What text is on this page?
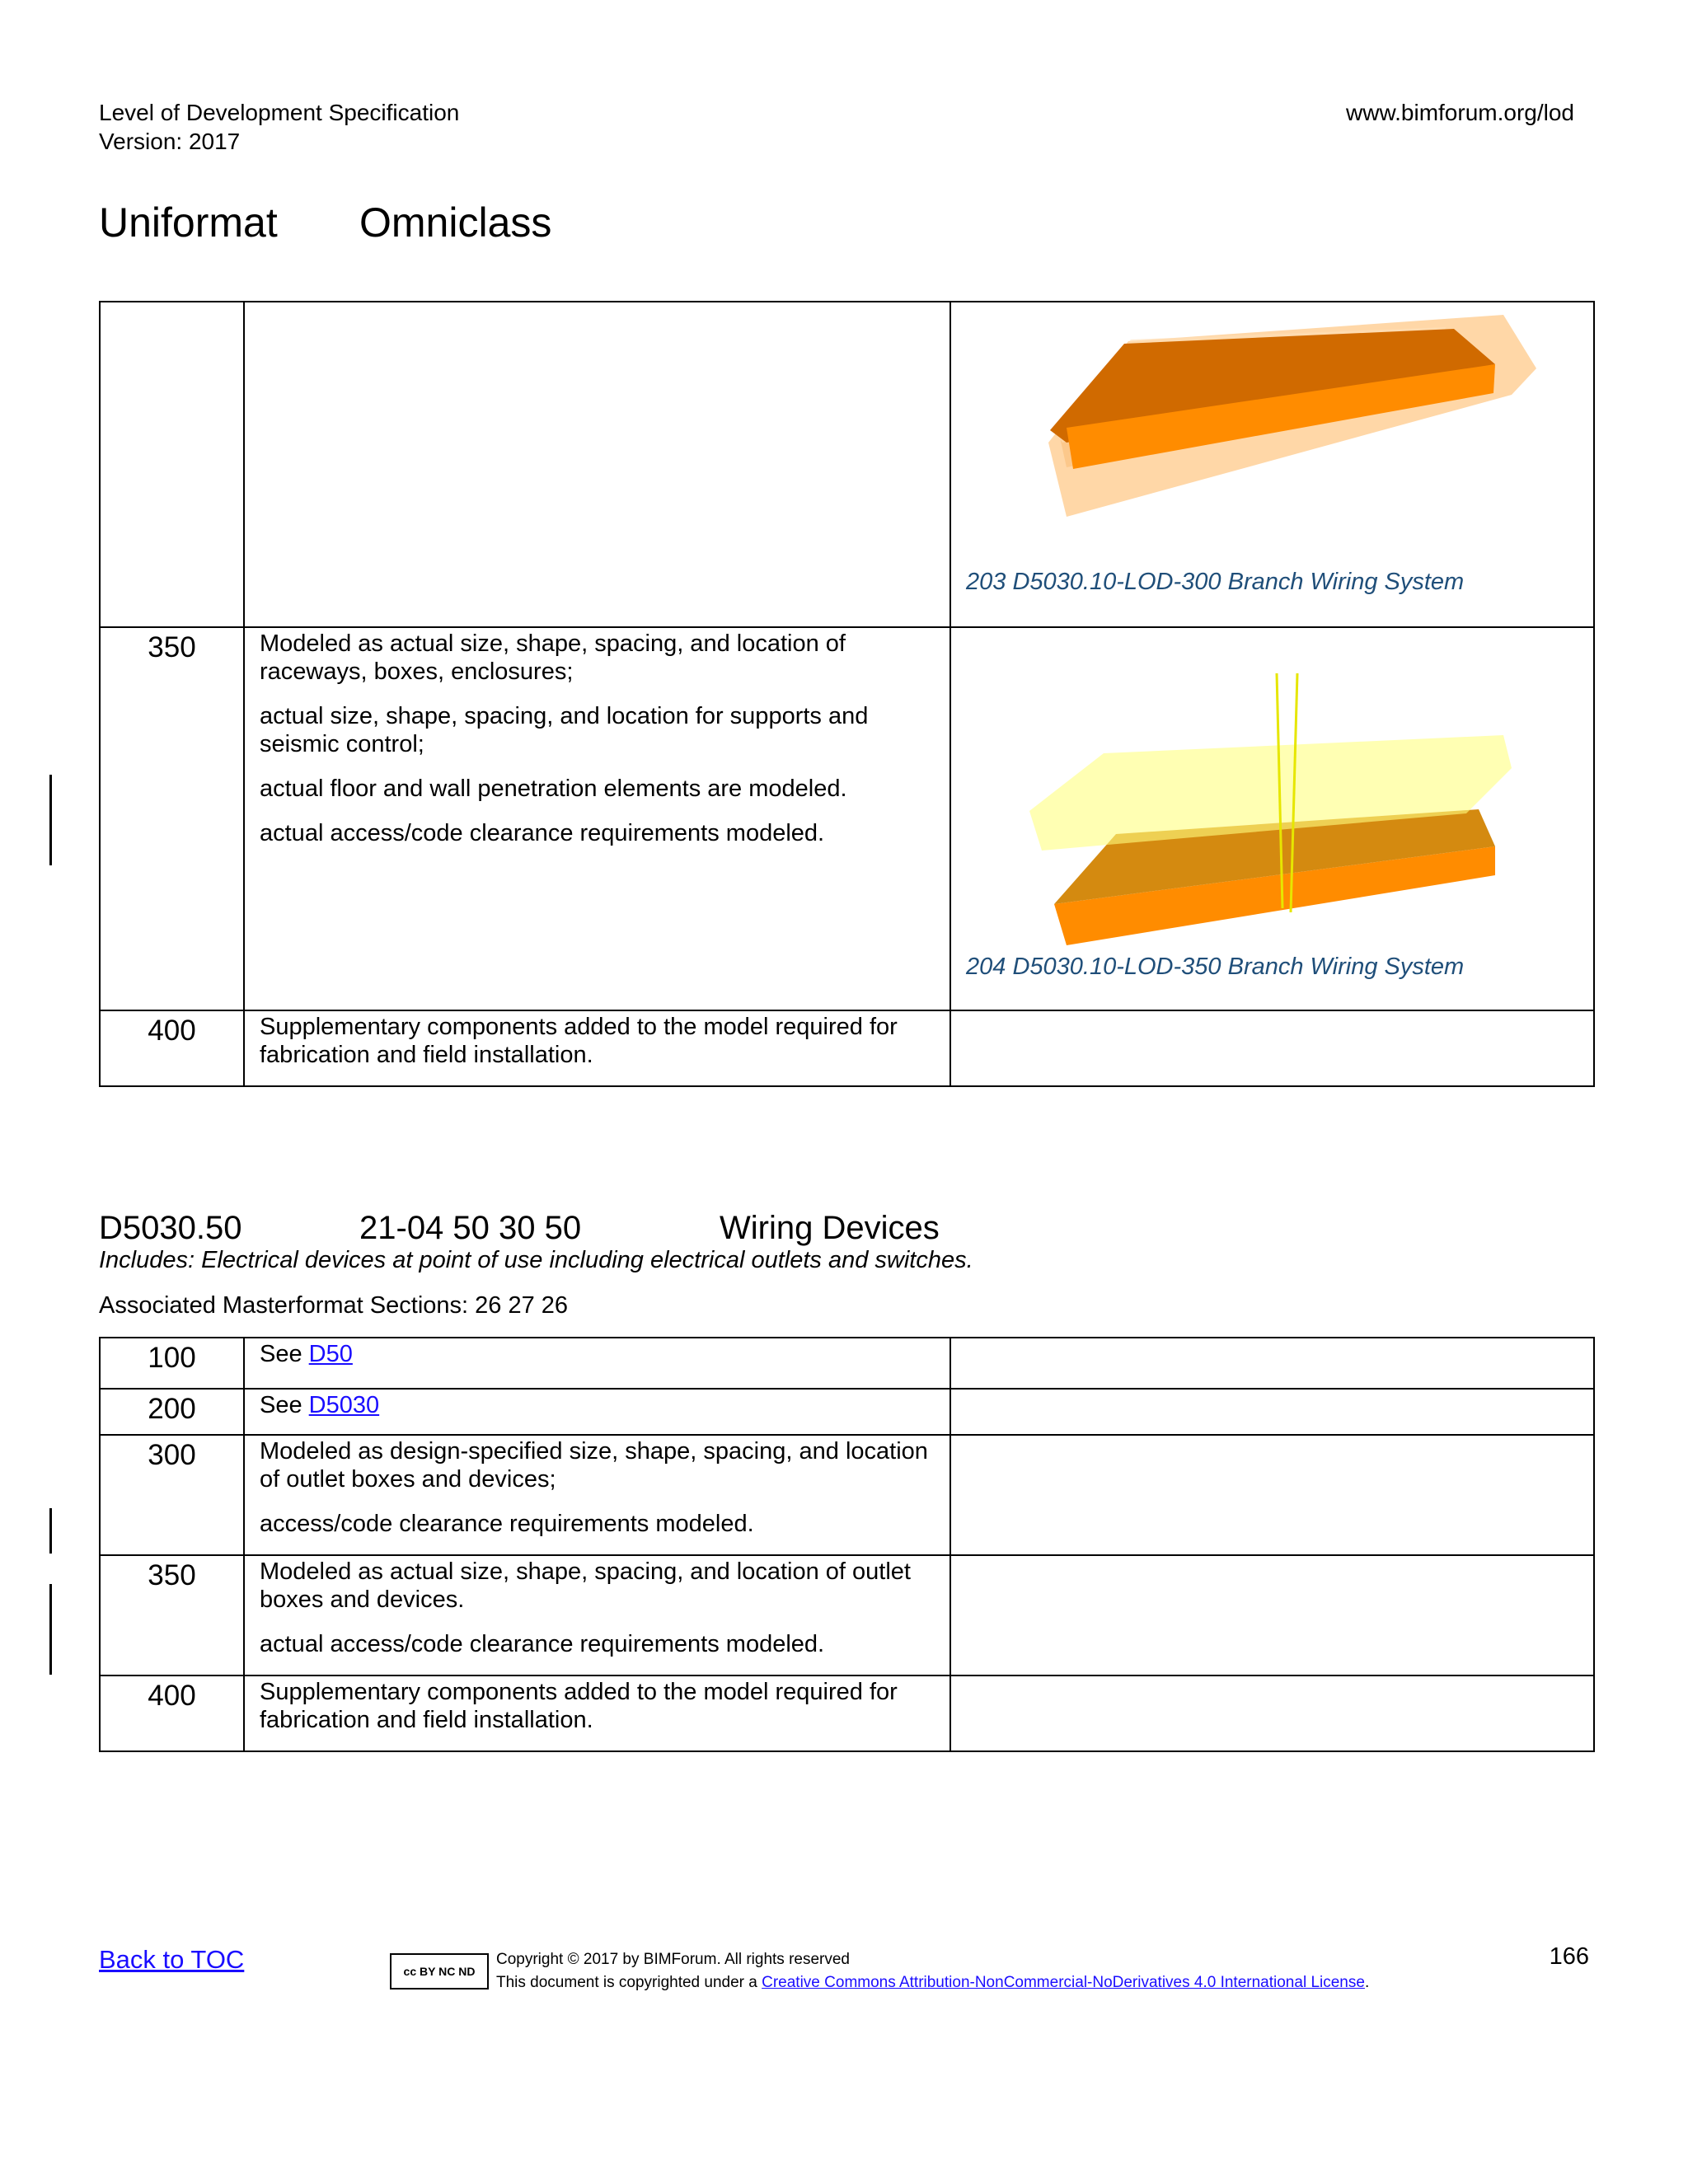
Level of Development Specification
Version: 2017
www.bimforum.org/lod
Uniformat Omniclass

		203 D5030.10-LOD-300 Branch Wiring System

350	Modeled as actual size, shape, spacing, and location of raceways, boxes, enclosures;

actual size, shape, spacing, and location for supports and seismic control;

actual floor and wall penetration elements are modeled.

actual access/code clearance requirements modeled.	204 D5030.10-LOD-350 Branch Wiring System

400	Supplementary components added to the model required for fabrication and field installation.	
D5030.50	21-04 50 30 50	Wiring Devices
Includes: Electrical devices at point of use including electrical outlets and switches.
Associated Masterformat Sections: 26 27 26
100	See D50	
200	See D5030	
300	Modeled as design-specified size, shape, spacing, and location of outlet boxes and devices;

access/code clearance requirements modeled.	

350	Modeled as actual size, shape, spacing, and location of outlet boxes and devices.

actual access/code clearance requirements modeled.	

400	Supplementary components added to the model required for fabrication and field installation.	
Back to TOC	cc BY NC ND
Copyright © 2017 by BIMForum. All rights reserved
This document is copyrighted under a Creative Commons Attribution-NonCommercial-NoDerivatives 4.0 International License.
166
